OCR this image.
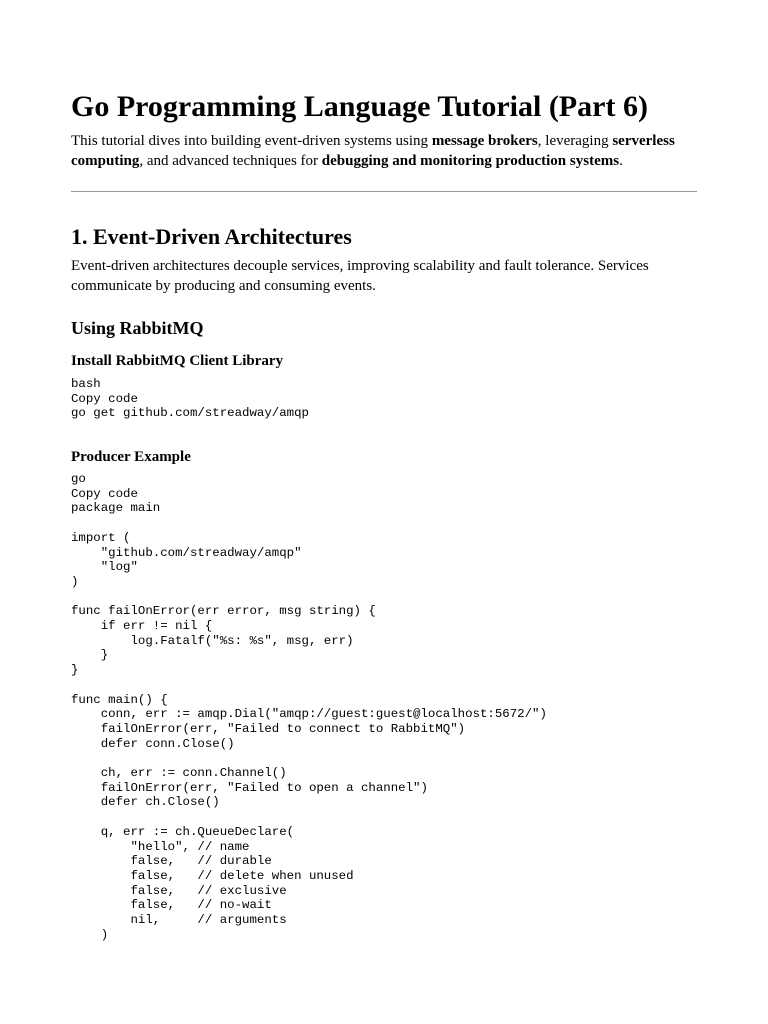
Go Programming Language Tutorial (Part 6)

This tutorial dives into building event-driven systems using message brokers, leveraging serverless computing, and advanced techniques for debugging and monitoring production systems.

1. Event-Driven Architectures

Event-driven architectures decouple services, improving scalability and fault tolerance. Services communicate by producing and consuming events.

Using RabbitMQ
Install RabbitMQ Client Library
bash
Copy code
go get github.com/streadway/amqp
Producer Example
go
Copy code
package main

import (
"github.com/streadway/amqp"
"log"
)

func failOnError(err error, msg string) {
if err != nil {
log.Fatalf("%s: %s", msg, err)
}
}

func main() {
conn, err := amqp.Dial("amqp://guest:guest@localhost:5672/")
failOnError(err, "Failed to connect to RabbitMQ")
defer conn.Close()

ch, err := conn.Channel()
failOnError(err, "Failed to open a channel")
defer ch.Close()

q, err := ch.QueueDeclare(
"hello", // name
false,   // durable
false,   // delete when unused
false,   // exclusive
false,   // no-wait
nil,     // arguments
)
